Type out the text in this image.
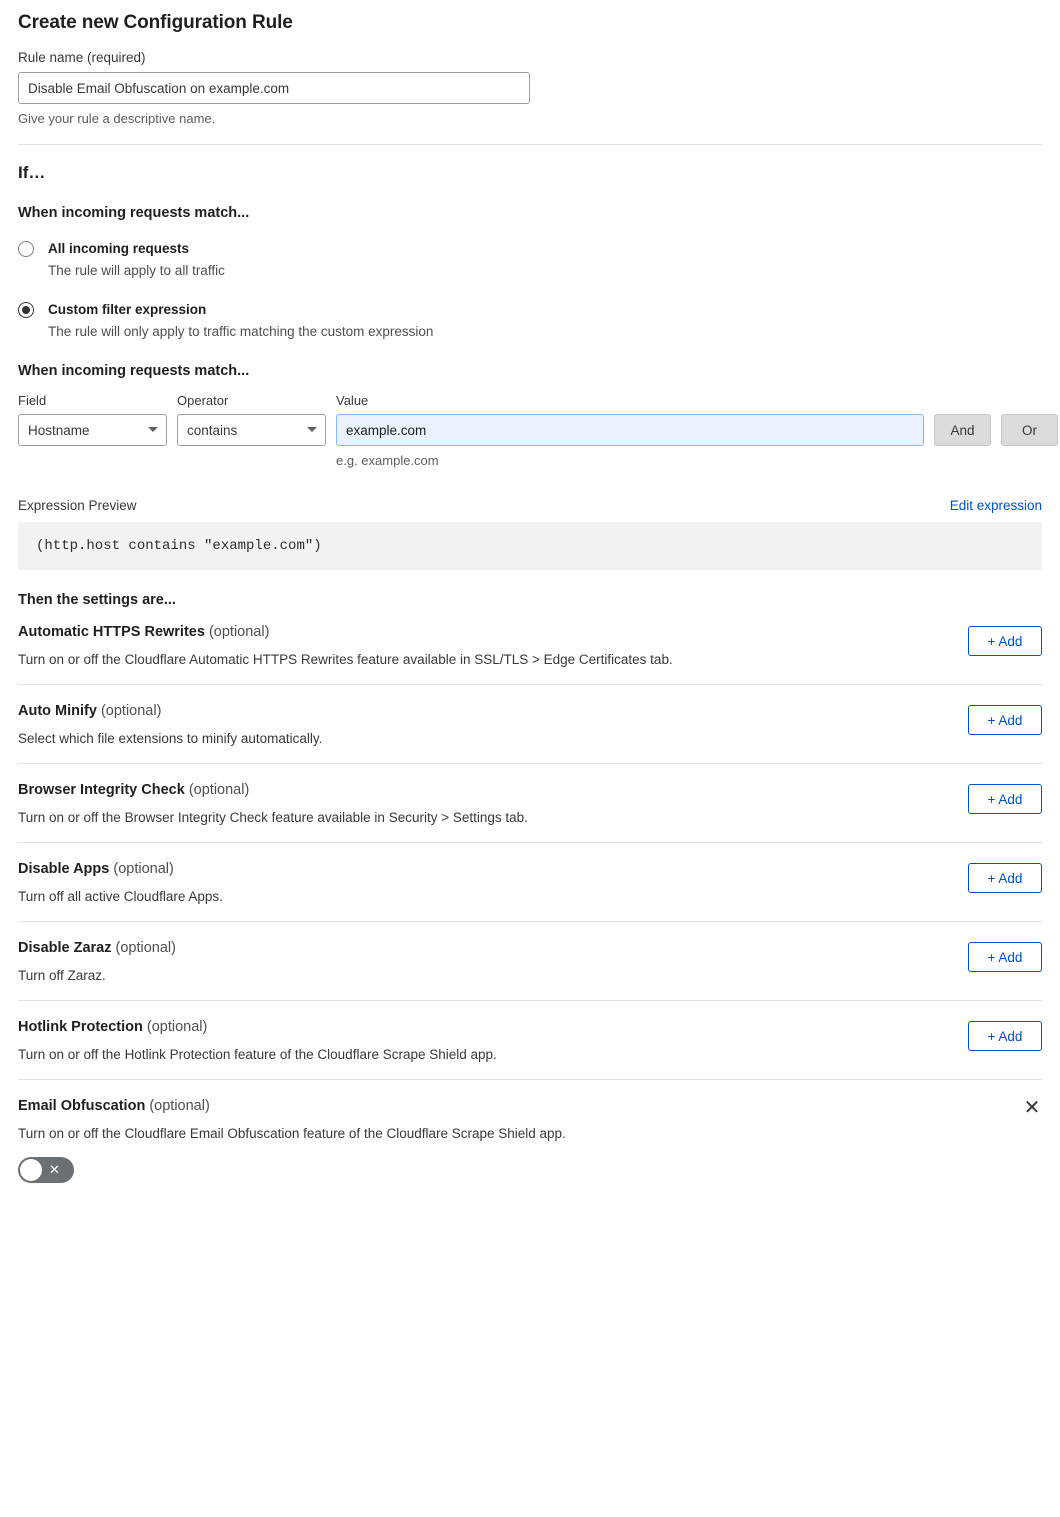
Create new Configuration Rule
Rule name (required)
Disable Email Obfuscation on example.com
Give your rule a descriptive name.
If…
When incoming requests match...
All incoming requests
The rule will apply to all traffic
Custom filter expression
The rule will only apply to traffic matching the custom expression
When incoming requests match...
Field
Hostname
Operator
contains
Value
example.com
e.g. example.com

And
	Or
Expression Preview	Edit expression
(http.host contains "example.com")
Then the settings are...
Automatic HTTPS Rewrites (optional)
Turn on or off the Cloudflare Automatic HTTPS Rewrites feature available in SSL/TLS > Edge Certificates tab.
+ Add
Auto Minify (optional)
Select which file extensions to minify automatically.
+ Add
Browser Integrity Check (optional)
Turn on or off the Browser Integrity Check feature available in Security > Settings tab.
+ Add
Disable Apps (optional)
Turn off all active Cloudflare Apps.
+ Add
Disable Zaraz (optional)
Turn off Zaraz.
+ Add
Hotlink Protection (optional)
Turn on or off the Hotlink Protection feature of the Cloudflare Scrape Shield app.
+ Add
Email Obfuscation (optional)
Turn on or off the Cloudflare Email Obfuscation feature of the Cloudflare Scrape Shield app.
✕
✕
